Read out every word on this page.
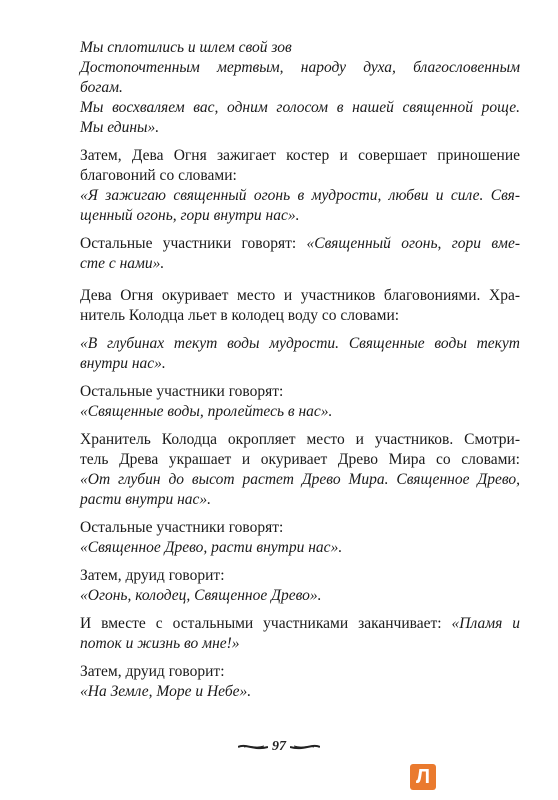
Мы сплотились и шлем свой зов
Достопочтенным мертвым, народу духа, благословенным
богам.
Мы восхваляем вас, одним голосом в нашей священной роще.
Мы едины».
Затем, Дева Огня зажигает костер и совершает приношение
благовоний со словами:
«Я зажигаю священный огонь в мудрости, любви и силе. Свя-
щенный огонь, гори внутри нас».
Остальные участники говорят: «Священный огонь, гори вме-
сте с нами».
Дева Огня окуривает место и участников благовониями. Хра-
нитель Колодца льет в колодец воду со словами:
«В глубинах текут воды мудрости. Священные воды текут
внутри нас».
Остальные участники говорят:
«Священные воды, пролейтесь в нас».
Хранитель Колодца окропляет место и участников. Смотри-
тель Древа украшает и окуривает Древо Мира со словами:
«От глубин до высот растет Древо Мира. Священное Древо,
расти внутри нас».
Остальные участники говорят:
«Священное Древо, расти внутри нас».
Затем, друид говорит:
«Огонь, колодец, Священное Древо».
И вместе с остальными участниками заканчивает: «Пламя и
поток и жизнь во мне!»
Затем, друид говорит:
«На Земле, Море и Небе».
97
Л
